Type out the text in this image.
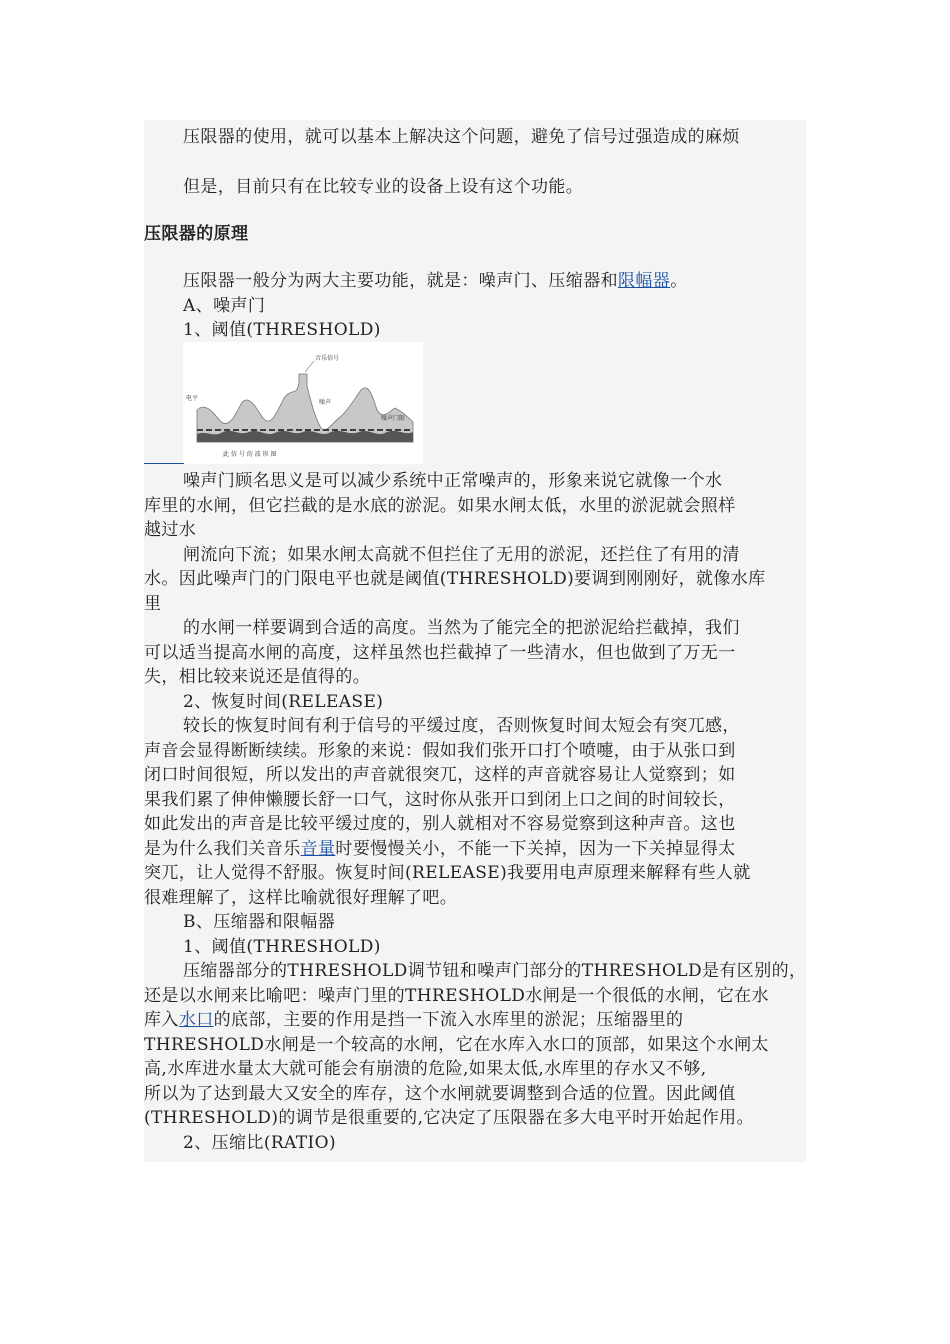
压限器的使用，就可以基本上解决这个问题，避免了信号过强造成的麻烦
但是，目前只有在比较专业的设备上设有这个功能。
压限器的原理
压限器一般分为两大主要功能，就是：噪声门、压缩器和限幅器。
A、噪声门
1、阈值(THRESHOLD)
音乐信号
噪声
噪声门限
电平
此 信 号 的 波 形 图
噪声门顾名思义是可以减少系统中正常噪声的，形象来说它就像一个水
库里的水闸，但它拦截的是水底的淤泥。如果水闸太低，水里的淤泥就会照样
越过水
闸流向下流；如果水闸太高就不但拦住了无用的淤泥，还拦住了有用的清
水。因此噪声门的门限电平也就是阈值(THRESHOLD)要调到刚刚好，就像水库
里
的水闸一样要调到合适的高度。当然为了能完全的把淤泥给拦截掉，我们
可以适当提高水闸的高度，这样虽然也拦截掉了一些清水，但也做到了万无一
失，相比较来说还是值得的。
2、恢复时间(RELEASE)
较长的恢复时间有利于信号的平缓过度，否则恢复时间太短会有突兀感，
声音会显得断断续续。形象的来说：假如我们张开口打个喷嚏，由于从张口到
闭口时间很短，所以发出的声音就很突兀，这样的声音就容易让人觉察到；如
果我们累了伸伸懒腰长舒一口气，这时你从张开口到闭上口之间的时间较长，
如此发出的声音是比较平缓过度的，别人就相对不容易觉察到这种声音。这也
是为什么我们关音乐音量时要慢慢关小，不能一下关掉，因为一下关掉显得太
突兀，让人觉得不舒服。恢复时间(RELEASE)我要用电声原理来解释有些人就
很难理解了，这样比喻就很好理解了吧。
B、压缩器和限幅器
1、阈值(THRESHOLD)
压缩器部分的THRESHOLD调节钮和噪声门部分的THRESHOLD是有区别的，
还是以水闸来比喻吧：噪声门里的THRESHOLD水闸是一个很低的水闸，它在水
库入水口的底部，主要的作用是挡一下流入水库里的淤泥；压缩器里的
THRESHOLD水闸是一个较高的水闸，它在水库入水口的顶部，如果这个水闸太
高,水库进水量太大就可能会有崩溃的危险,如果太低,水库里的存水又不够,
所以为了达到最大又安全的库存，这个水闸就要调整到合适的位置。因此阈值
(THRESHOLD)的调节是很重要的,它决定了压限器在多大电平时开始起作用。
2、压缩比(RATIO)
